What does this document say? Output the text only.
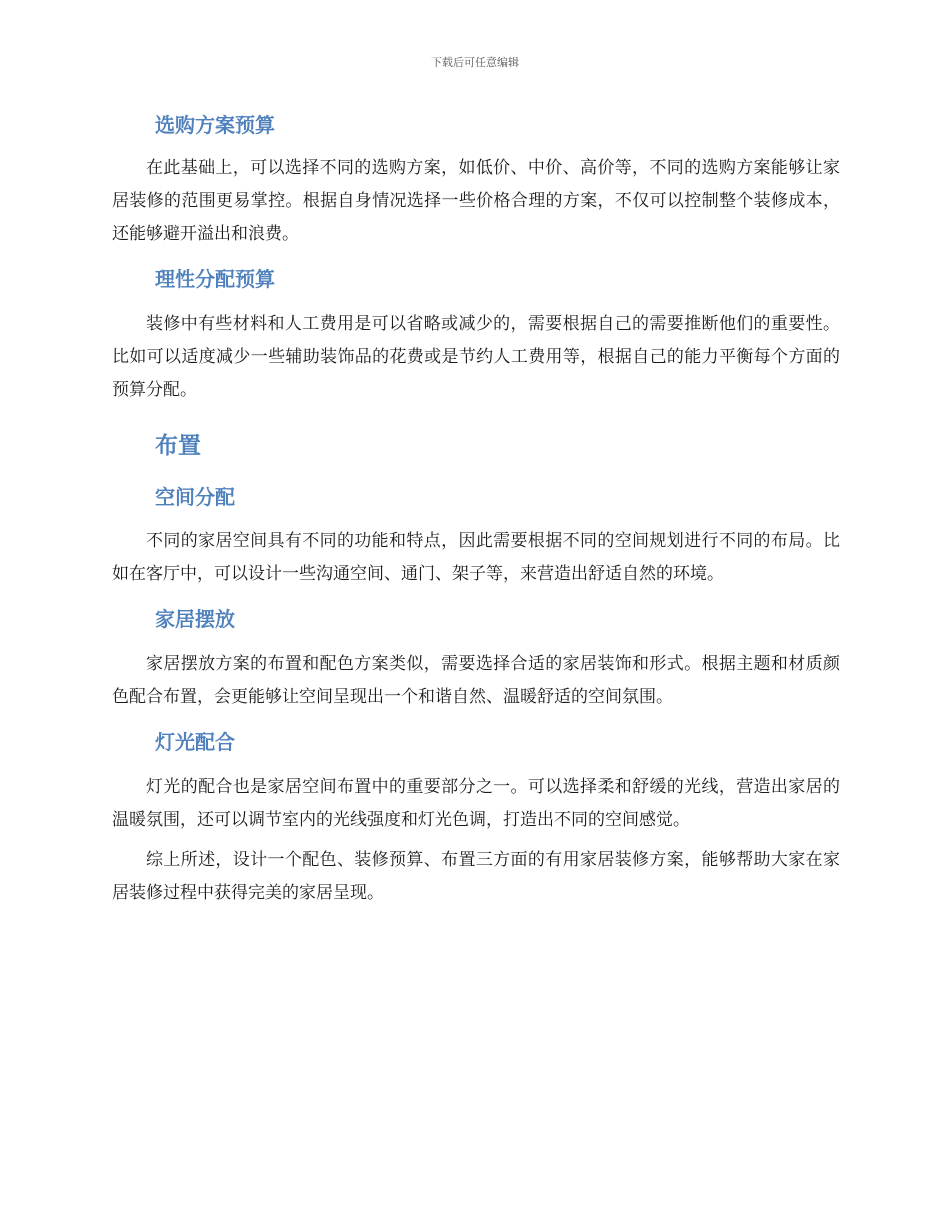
下载后可任意编辑
选购方案预算

在此基础上，可以选择不同的选购方案，如低价、中价、高价等，不同的选购方案能够让家居装修的范围更易掌控。根据自身情况选择一些价格合理的方案，不仅可以控制整个装修成本，还能够避开溢出和浪费。

理性分配预算

装修中有些材料和人工费用是可以省略或减少的，需要根据自己的需要推断他们的重要性。比如可以适度减少一些辅助装饰品的花费或是节约人工费用等，根据自己的能力平衡每个方面的预算分配。

布置
空间分配

不同的家居空间具有不同的功能和特点，因此需要根据不同的空间规划进行不同的布局。比如在客厅中，可以设计一些沟通空间、通门、架子等，来营造出舒适自然的环境。

家居摆放

家居摆放方案的布置和配色方案类似，需要选择合适的家居装饰和形式。根据主题和材质颜色配合布置，会更能够让空间呈现出一个和谐自然、温暖舒适的空间氛围。

灯光配合

灯光的配合也是家居空间布置中的重要部分之一。可以选择柔和舒缓的光线，营造出家居的温暖氛围，还可以调节室内的光线强度和灯光色调，打造出不同的空间感觉。

综上所述，设计一个配色、装修预算、布置三方面的有用家居装修方案，能够帮助大家在家居装修过程中获得完美的家居呈现。
